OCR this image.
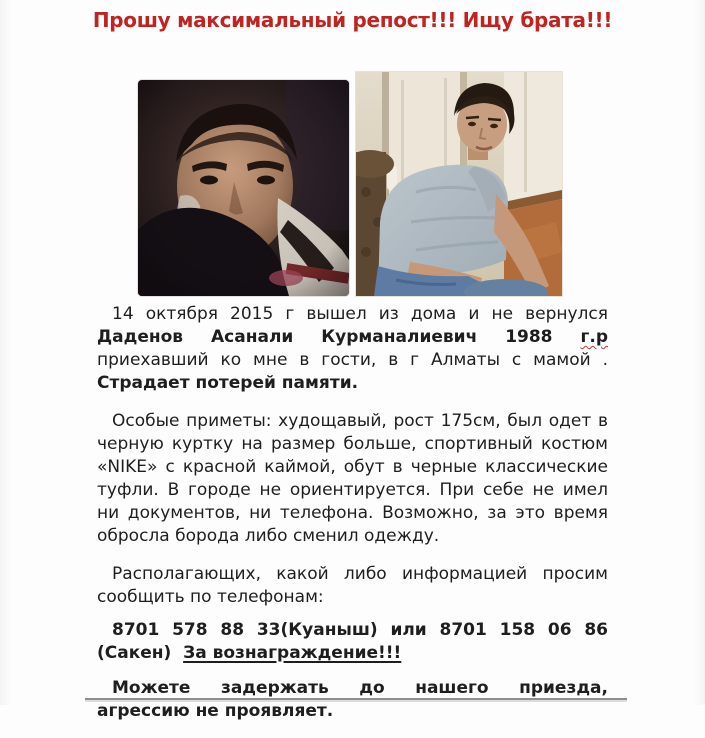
Прошу максимальный репост!!! Ищу брата!!!

14 октября 2015 г вышел из дома и не вернулся Даденов Асанали Курманалиевич 1988 г.р приехавший ко мне в гости, в г Алматы с мамой . Страдает потерей памяти.

Особые приметы: худощавый, рост 175см, был одет в черную куртку на размер больше, спортивный костюм «NIKE» с красной каймой, обут в черные классические туфли. В городе не ориентируется. При себе не имел ни документов, ни телефона. Возможно, за это время обросла борода либо сменил одежду.

Располагающих, какой либо информацией просим сообщить по телефонам:

8701 578 88 33(Куаныш) или 8701 158 06 86 (Сакен)  За вознаграждение!!!

Можете задержать до нашего приезда, агрессию не проявляет.
